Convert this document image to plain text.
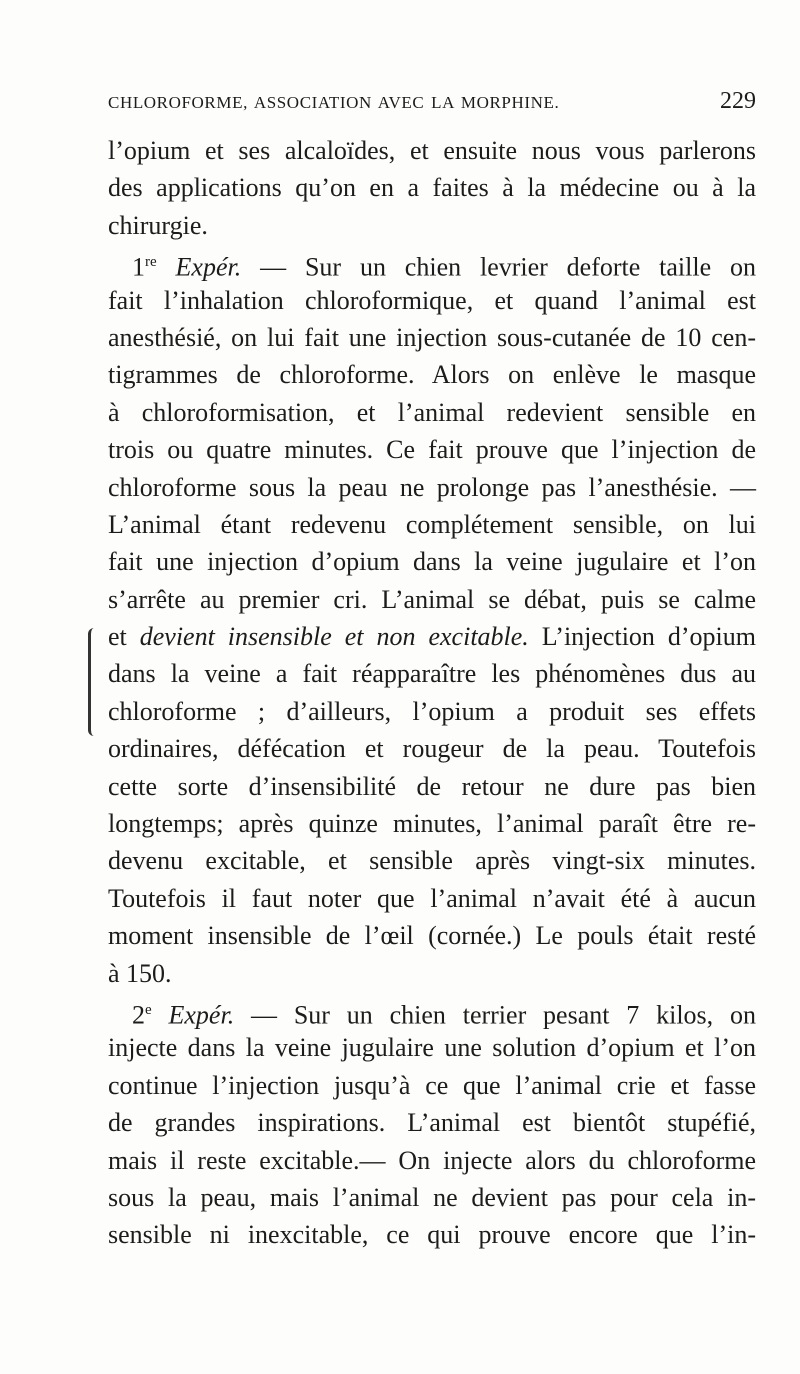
CHLOROFORME, ASSOCIATION AVEC LA MORPHINE.	229
l’opium et ses alcaloïdes, et ensuite nous vous parlerons
des applications qu’on en a faites à la médecine ou à la
chirurgie.
1re Expér. — Sur un chien levrier deforte taille on
fait l’inhalation chloroformique, et quand l’animal est
anesthésié, on lui fait une injection sous-cutanée de 10 cen-
tigrammes de chloroforme. Alors on enlève le masque
à chloroformisation, et l’animal redevient sensible en
trois ou quatre minutes. Ce fait prouve que l’injection de
chloroforme sous la peau ne prolonge pas l’anesthésie. —
L’animal étant redevenu complétement sensible, on lui
fait une injection d’opium dans la veine jugulaire et l’on
s’arrête au premier cri. L’animal se débat, puis se calme
et devient insensible et non excitable. L’injection d’opium
dans la veine a fait réapparaître les phénomènes dus au
chloroforme ; d’ailleurs, l’opium a produit ses effets
ordinaires, défécation et rougeur de la peau. Toutefois
cette sorte d’insensibilité de retour ne dure pas bien
longtemps; après quinze minutes, l’animal paraît être re-
devenu excitable, et sensible après vingt-six minutes.
Toutefois il faut noter que l’animal n’avait été à aucun
moment insensible de l’œil (cornée.) Le pouls était resté
à 150.
2e Expér. — Sur un chien terrier pesant 7 kilos, on
injecte dans la veine jugulaire une solution d’opium et l’on
continue l’injection jusqu’à ce que l’animal crie et fasse
de grandes inspirations. L’animal est bientôt stupéfié,
mais il reste excitable.— On injecte alors du chloroforme
sous la peau, mais l’animal ne devient pas pour cela in-
sensible ni inexcitable, ce qui prouve encore que l’in-
